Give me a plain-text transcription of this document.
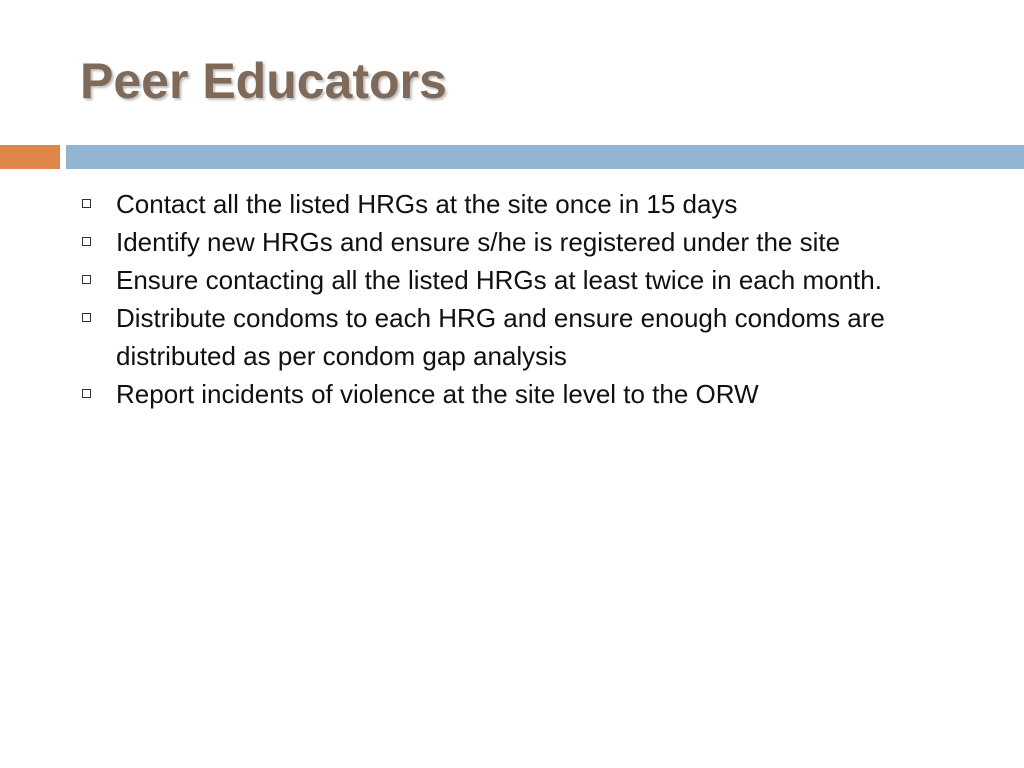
Peer Educators
Contact all the listed HRGs at the site once in 15 days
Identify new HRGs and ensure s/he is registered under the site
Ensure contacting all the listed HRGs at least twice in each month.
Distribute condoms to each HRG and ensure enough condoms are distributed as per condom gap analysis
Report incidents of violence at the site level to the ORW
